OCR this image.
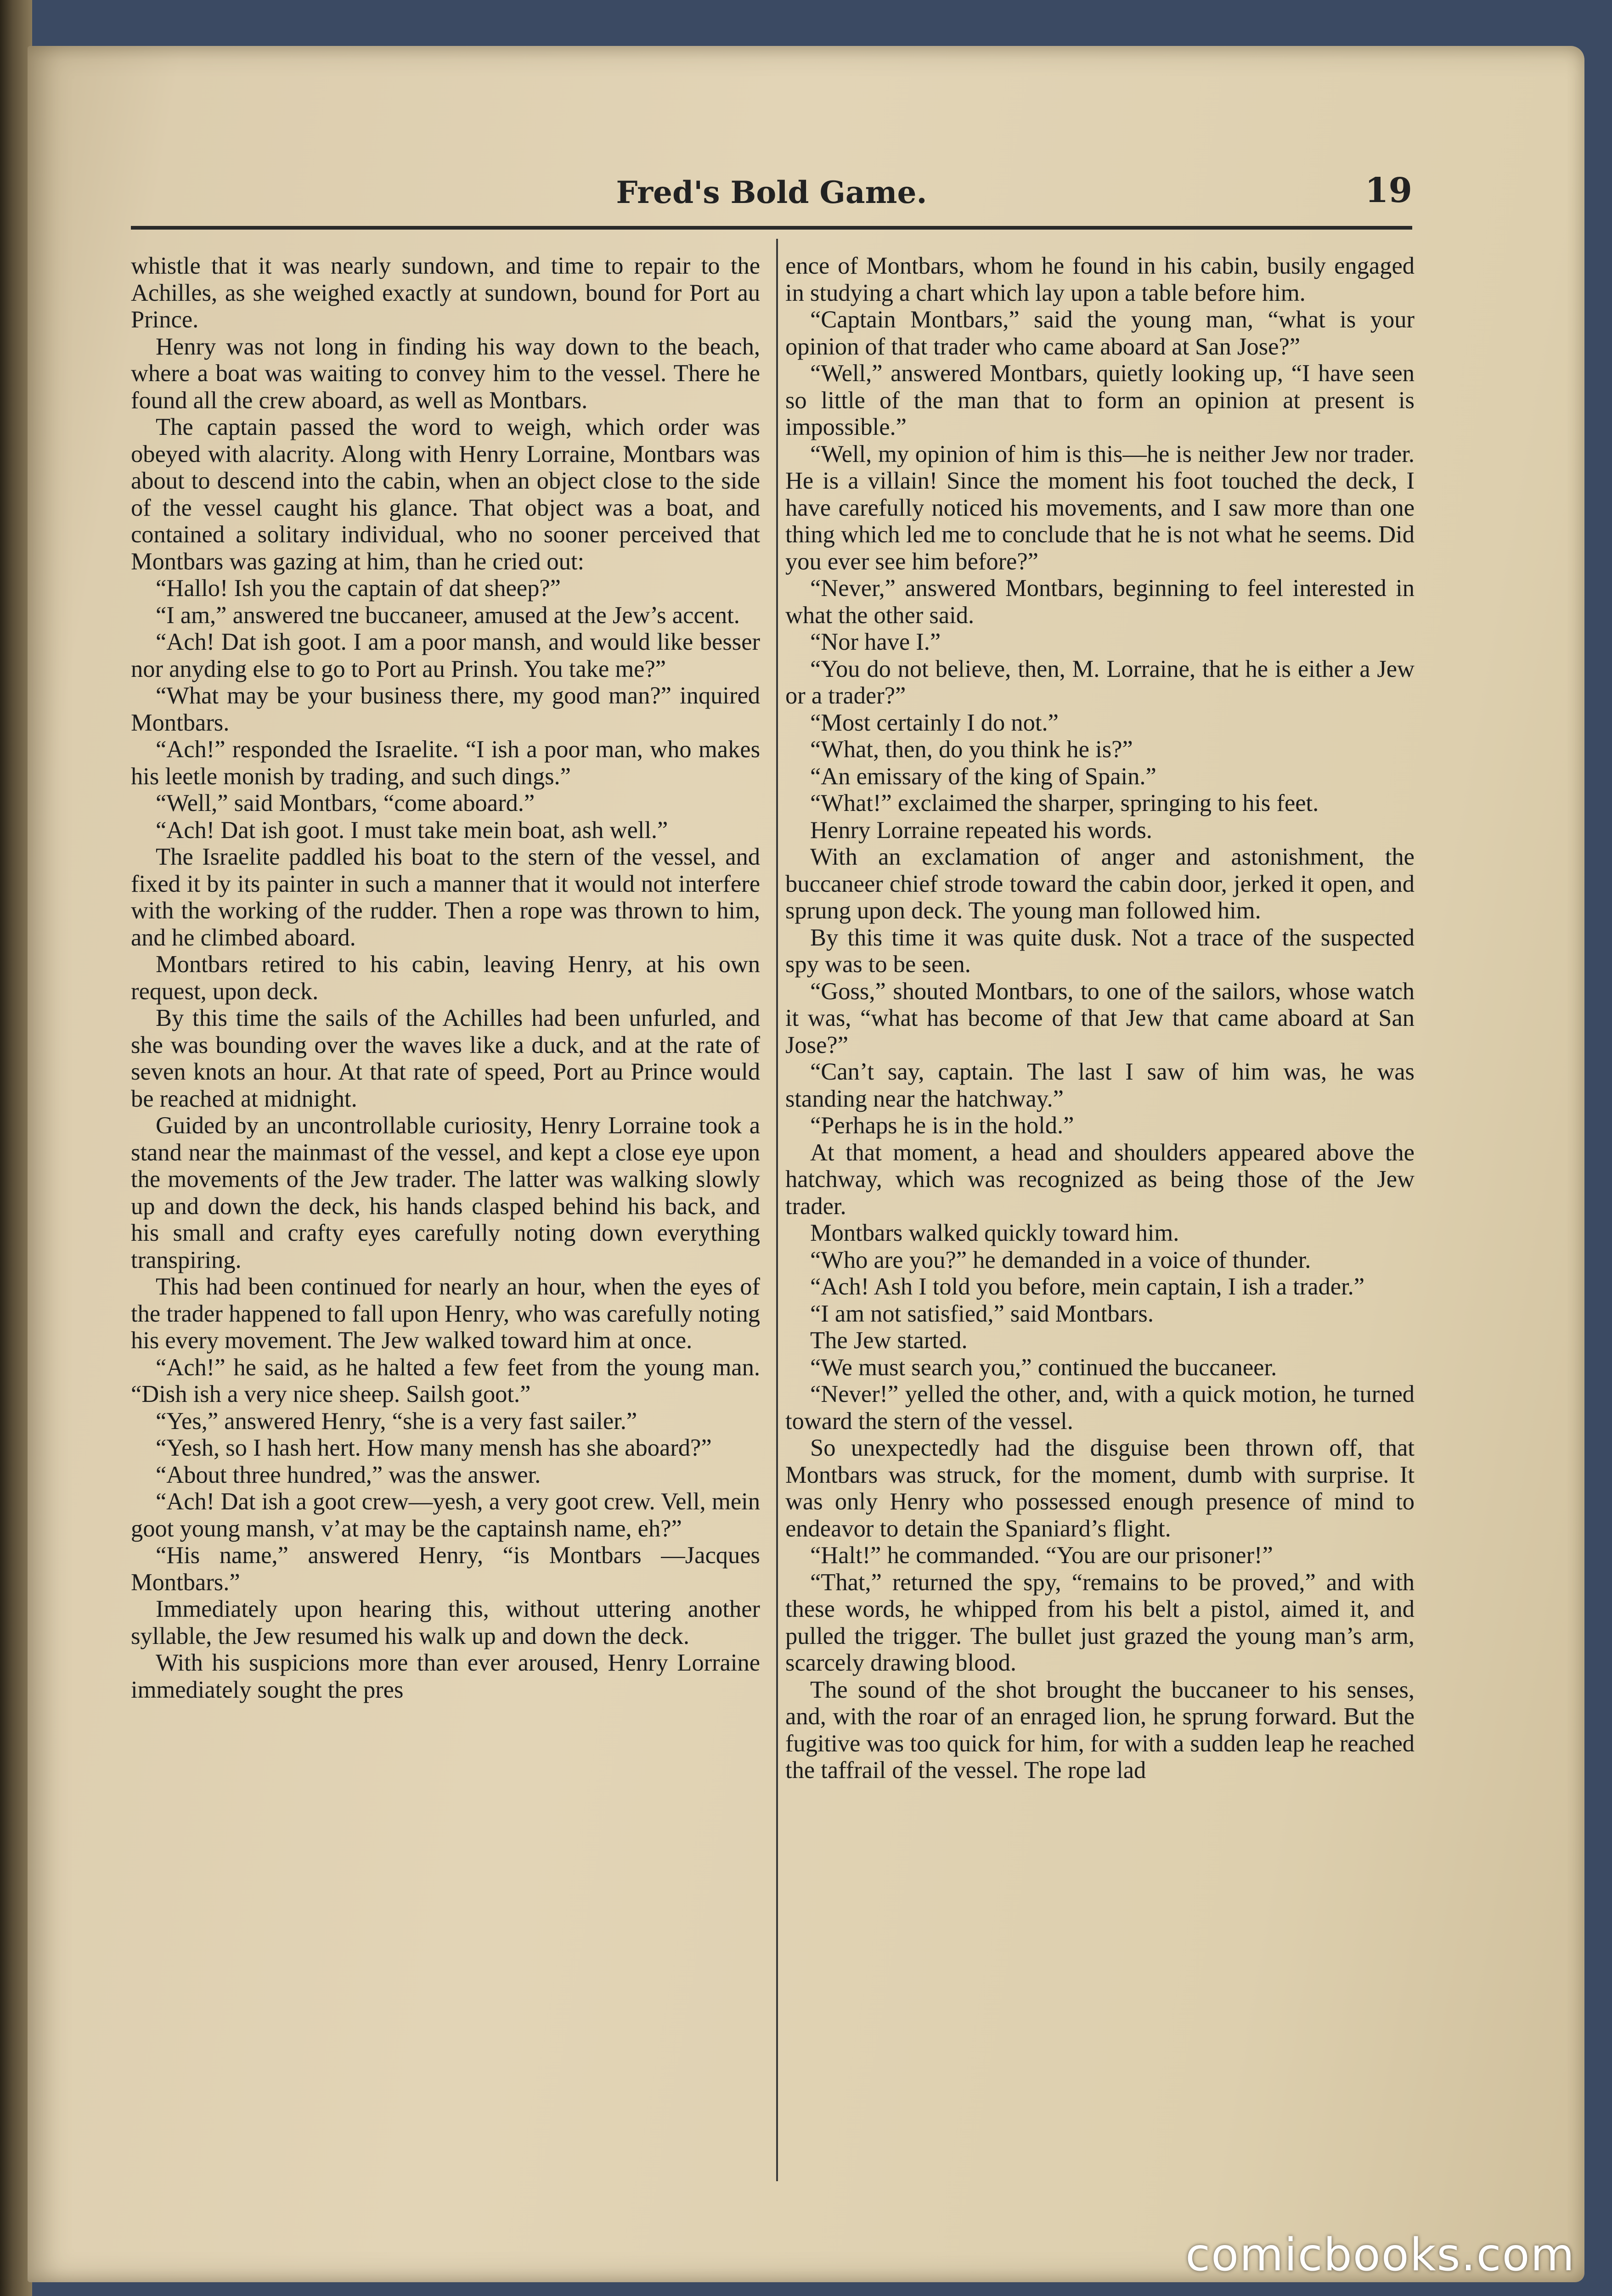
Fred's Bold Game.	19

whistle that it was nearly sundown, and time to repair to the Achilles, as she weighed exactly at sundown, bound for Port au Prince.

Henry was not long in finding his way down to the beach, where a boat was waiting to convey him to the vessel. There he found all the crew aboard, as well as Montbars.

The captain passed the word to weigh, which order was obeyed with alacrity. Along with Henry Lorraine, Montbars was about to descend into the cabin, when an object close to the side of the vessel caught his glance. That object was a boat, and contained a solitary individual, who no sooner perceived that Montbars was gazing at him, than he cried out:

“Hallo! Ish you the captain of dat sheep?”

“I am,” answered tne buccaneer, amused at the Jew’s accent.

“Ach! Dat ish goot. I am a poor mansh, and would like besser nor anyding else to go to Port au Prinsh. You take me?”

“What may be your business there, my good man?” inquired Montbars.

“Ach!” responded the Israelite. “I ish a poor man, who makes his leetle monish by trading, and such dings.”

“Well,” said Montbars, “come aboard.”

“Ach! Dat ish goot. I must take mein boat, ash well.”

The Israelite paddled his boat to the stern of the vessel, and fixed it by its painter in such a manner that it would not interfere with the working of the rudder. Then a rope was thrown to him, and he climbed aboard.

Montbars retired to his cabin, leaving Henry, at his own request, upon deck.

By this time the sails of the Achilles had been unfurled, and she was bounding over the waves like a duck, and at the rate of seven knots an hour. At that rate of speed, Port au Prince would be reached at midnight.

Guided by an uncontrollable curiosity, Henry Lorraine took a stand near the mainmast of the vessel, and kept a close eye upon the movements of the Jew trader. The latter was walking slowly up and down the deck, his hands clasped behind his back, and his small and crafty eyes carefully noting down everything transpiring.

This had been continued for nearly an hour, when the eyes of the trader happened to fall upon Henry, who was carefully noting his every movement. The Jew walked toward him at once.

“Ach!” he said, as he halted a few feet from the young man. “Dish ish a very nice sheep. Sailsh goot.”

“Yes,” answered Henry, “she is a very fast sailer.”

“Yesh, so I hash hert. How many mensh has she aboard?”

“About three hundred,” was the answer.

“Ach! Dat ish a goot crew—yesh, a very goot crew. Vell, mein goot young mansh, v’at may be the captainsh name, eh?”

“His name,” answered Henry, “is Montbars —Jacques Montbars.”

Immediately upon hearing this, without uttering another syllable, the Jew resumed his walk up and down the deck.

With his suspicions more than ever aroused, Henry Lorraine immediately sought the pres

ence of Montbars, whom he found in his cabin, busily engaged in studying a chart which lay upon a table before him.

“Captain Montbars,” said the young man, “what is your opinion of that trader who came aboard at San Jose?”

“Well,” answered Montbars, quietly looking up, “I have seen so little of the man that to form an opinion at present is impossible.”

“Well, my opinion of him is this—he is neither Jew nor trader. He is a villain! Since the moment his foot touched the deck, I have carefully noticed his movements, and I saw more than one thing which led me to conclude that he is not what he seems. Did you ever see him before?”

“Never,” answered Montbars, beginning to feel interested in what the other said.

“Nor have I.”

“You do not believe, then, M. Lorraine, that he is either a Jew or a trader?”

“Most certainly I do not.”

“What, then, do you think he is?”

“An emissary of the king of Spain.”

“What!” exclaimed the sharper, springing to his feet.

Henry Lorraine repeated his words.

With an exclamation of anger and astonishment, the buccaneer chief strode toward the cabin door, jerked it open, and sprung upon deck. The young man followed him.

By this time it was quite dusk. Not a trace of the suspected spy was to be seen.

“Goss,” shouted Montbars, to one of the sailors, whose watch it was, “what has become of that Jew that came aboard at San Jose?”

“Can’t say, captain. The last I saw of him was, he was standing near the hatchway.”

“Perhaps he is in the hold.”

At that moment, a head and shoulders appeared above the hatchway, which was recognized as being those of the Jew trader.

Montbars walked quickly toward him.

“Who are you?” he demanded in a voice of thunder.

“Ach! Ash I told you before, mein captain, I ish a trader.”

“I am not satisfied,” said Montbars.

The Jew started.

“We must search you,” continued the buccaneer.

“Never!” yelled the other, and, with a quick motion, he turned toward the stern of the vessel.

So unexpectedly had the disguise been thrown off, that Montbars was struck, for the moment, dumb with surprise. It was only Henry who possessed enough presence of mind to endeavor to detain the Spaniard’s flight.

“Halt!” he commanded. “You are our prisoner!”

“That,” returned the spy, “remains to be proved,” and with these words, he whipped from his belt a pistol, aimed it, and pulled the trigger. The bullet just grazed the young man’s arm, scarcely drawing blood.

The sound of the shot brought the buccaneer to his senses, and, with the roar of an enraged lion, he sprung forward. But the fugitive was too quick for him, for with a sudden leap he reached the taffrail of the vessel. The rope lad

comicbooks.com
